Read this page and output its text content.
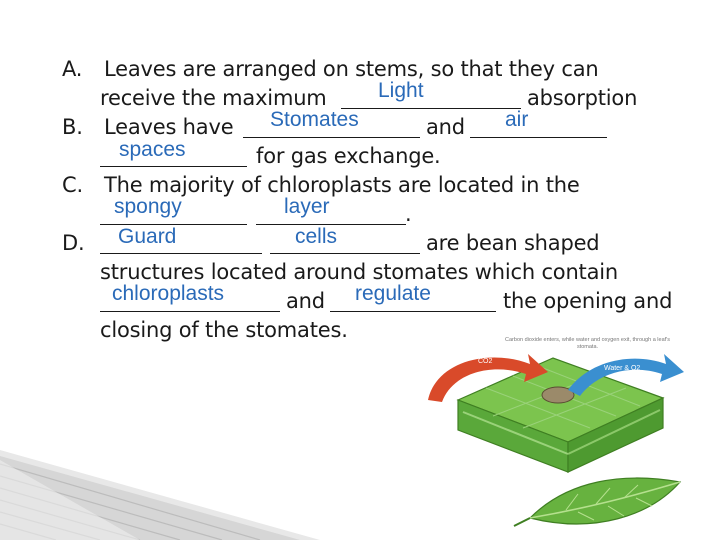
A. Leaves are arranged on stems, so that they can
receive the maximum Light	absorption
B. Leaves have Stomates	and air
spaces	for gas exchange.
C. The majority of chloroplasts are located in the
spongy	layer	.
D.	Guard	cells	are bean shaped
structures located around stomates which contain
chloroplasts	and regulate	the opening and
closing of the stomates.	Carbon dioxide enters, while water and oxygen exit, through a leaf's stomata.
CO2
Water & O2
